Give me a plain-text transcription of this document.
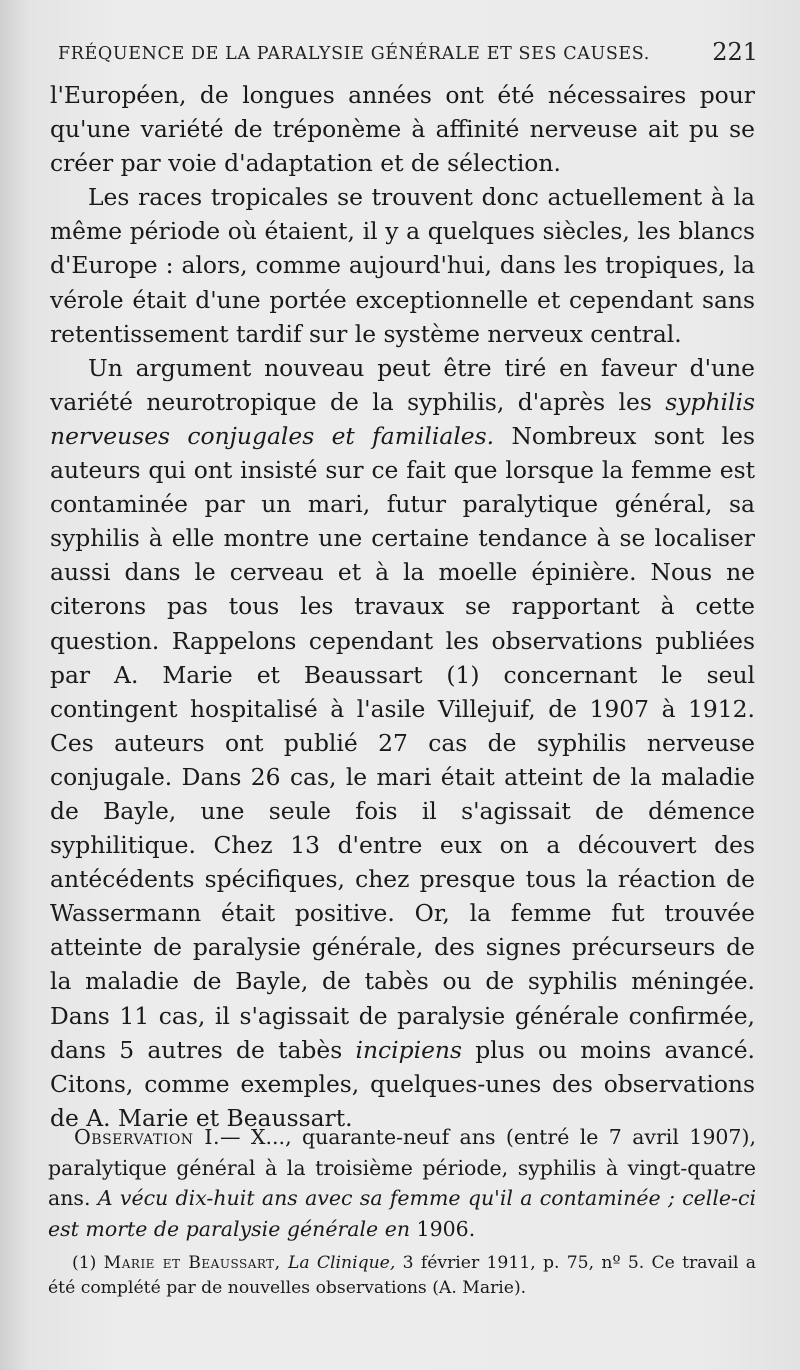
FRÉQUENCE DE LA PARALYSIE GÉNÉRALE ET SES CAUSES.	221

l'Européen, de longues années ont été nécessaires pour qu'une variété de tréponème à affinité nerveuse ait pu se créer par voie d'adaptation et de sélection.

Les races tropicales se trouvent donc actuellement à la même période où étaient, il y a quelques siècles, les blancs d'Europe : alors, comme aujourd'hui, dans les tropiques, la vérole était d'une portée exceptionnelle et cependant sans retentissement tardif sur le système nerveux central.

Un argument nouveau peut être tiré en faveur d'une variété neurotropique de la syphilis, d'après les syphilis nerveuses conjugales et familiales. Nombreux sont les auteurs qui ont insisté sur ce fait que lorsque la femme est contaminée par un mari, futur paralytique général, sa syphilis à elle montre une certaine tendance à se localiser aussi dans le cerveau et à la moelle épinière. Nous ne citerons pas tous les travaux se rapportant à cette question. Rappelons cependant les observations publiées par A. Marie et Beaussart (1) concernant le seul contingent hospitalisé à l'asile Villejuif, de 1907 à 1912. Ces auteurs ont publié 27 cas de syphilis nerveuse conjugale. Dans 26 cas, le mari était atteint de la maladie de Bayle, une seule fois il s'agissait de démence syphilitique. Chez 13 d'entre eux on a découvert des antécédents spécifiques, chez presque tous la réaction de Wassermann était positive. Or, la femme fut trouvée atteinte de paralysie générale, des signes précurseurs de la maladie de Bayle, de tabès ou de syphilis méningée. Dans 11 cas, il s'agissait de paralysie générale confirmée, dans 5 autres de tabès incipiens plus ou moins avancé. Citons, comme exemples, quelques-unes des observations de A. Marie et Beaussart.

Observation I.— X..., quarante-neuf ans (entré le 7 avril 1907), paralytique général à la troisième période, syphilis à vingt-quatre ans. A vécu dix-huit ans avec sa femme qu'il a contaminée ; celle-ci est morte de paralysie générale en 1906.

(1) Marie et Beaussart, La Clinique, 3 février 1911, p. 75, nº 5. Ce travail a été complété par de nouvelles observations (A. Marie).
